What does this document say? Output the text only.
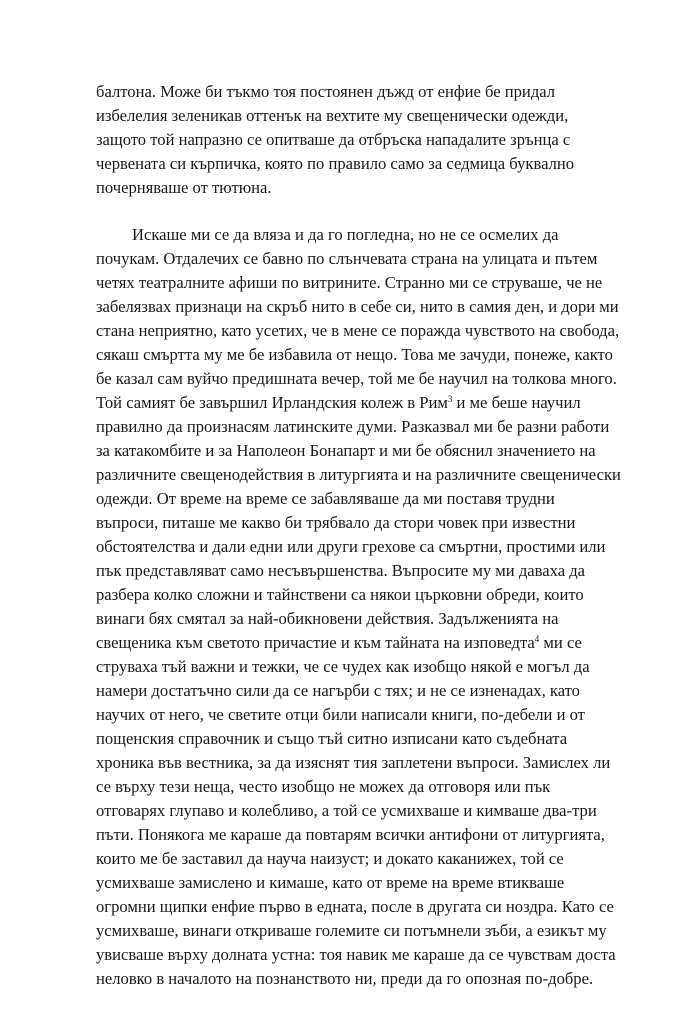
балтона. Може би тъкмо тоя постоянен дъжд от енфие бе придал
избелелия зеленикав оттенък на вехтите му свещенически одежди,
защото той напразно се опитваше да отбръска нападалите зрънца с
червената си кърпичка, която по правило само за седмица буквално
почерняваше от тютюна.

Искаше ми се да вляза и да го погледна, но не се осмелих да
почукам. Отдалечих се бавно по слънчевата страна на улицата и пътем
четях театралните афиши по витрините. Странно ми се струваше, че не
забелязвах признаци на скръб нито в себе си, нито в самия ден, и дори ми
стана неприятно, като усетих, че в мене се поражда чувството на свобода,
сякаш смъртта му ме бе избавила от нещо. Това ме зачуди, понеже, както
бе казал сам вуйчо предишната вечер, той ме бе научил на толкова много.
Той самият бе завършил Ирландския колеж в Рим$^3$ и ме беше научил
правилно да произнасям латинските думи. Разказвал ми бе разни работи
за катакомбите и за Наполеон Бонапарт и ми бе обяснил значението на
различните свещенодействия в литургията и на различните свещенически
одежди. От време на време се забавляваше да ми поставя трудни
въпроси, питаше ме какво би трябвало да стори човек при известни
обстоятелства и дали едни или други грехове са смъртни, простими или
пък представляват само несъвършенства. Въпросите му ми даваха да
разбера колко сложни и тайнствени са някои църковни обреди, които
винаги бях смятал за най-обикновени действия. Задълженията на
свещеника към светото причастие и към тайната на изповедта$^4$ ми се
струваха тъй важни и тежки, че се чудех как изобщо някой е могъл да
намери достатъчно сили да се нагърби с тях; и не се изненадах, като
научих от него, че светите отци били написали книги, по-дебели и от
пощенския справочник и също тъй ситно изписани като съдебната
хроника във вестника, за да изяснят тия заплетени въпроси. Замислех ли
се върху тези неща, често изобщо не можех да отговоря или пък
отговарях глупаво и колебливо, а той се усмихваше и кимваше два-три
пъти. Понякога ме караше да повтарям всички антифони от литургията,
които ме бе заставил да науча наизуст; и докато каканижех, той се
усмихваше замислено и кимаше, като от време на време втикваше
огромни щипки енфие първо в едната, после в другата си ноздра. Като се
усмихваше, винаги откриваше големите си потъмнели зъби, а езикът му
увисваше върху долната устна: тоя навик ме караше да се чувствам доста
неловко в началото на познанството ни, преди да го опозная по-добре.
